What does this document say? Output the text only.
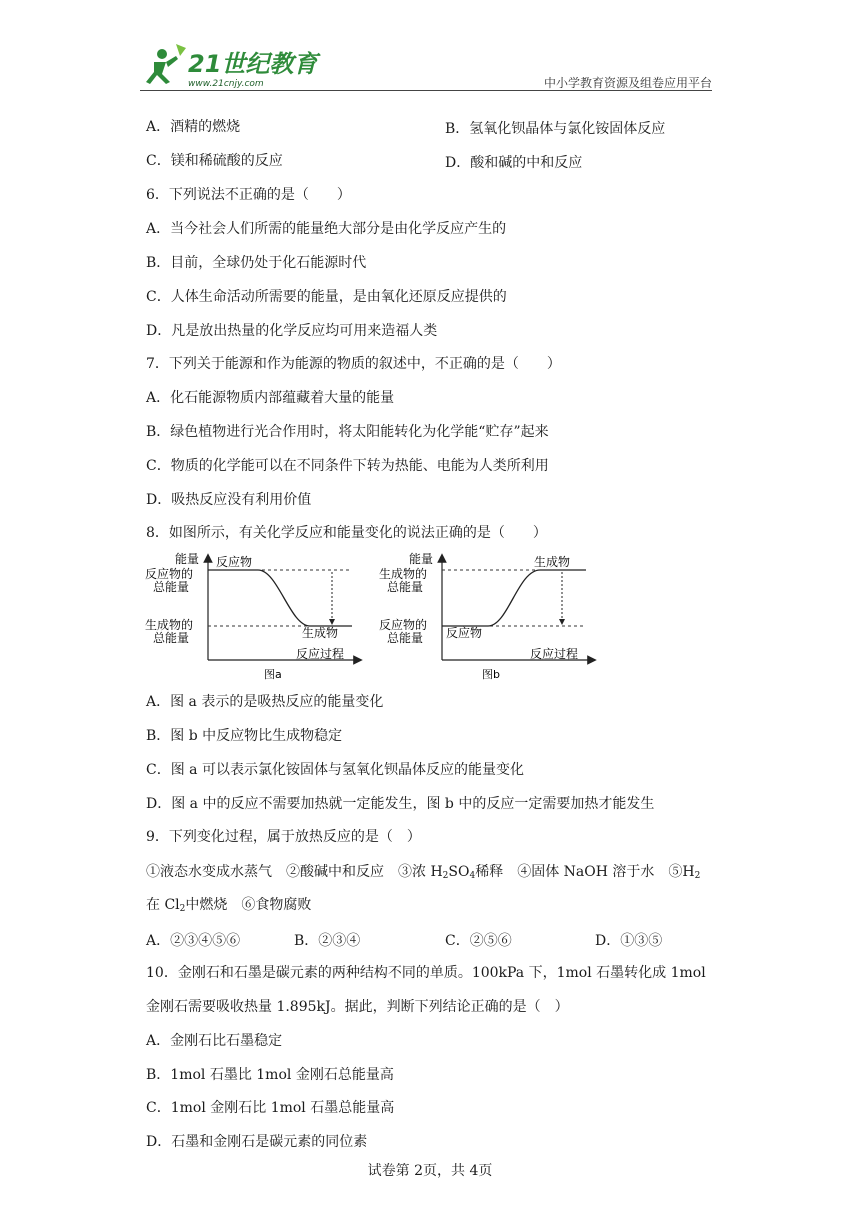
21世纪教育
www.21cnjy.com	中小学教育资源及组卷应用平台
A．酒精的燃烧	B．氢氧化钡晶体与氯化铵固体反应
C．镁和稀硫酸的反应	D．酸和碱的中和反应
6．下列说法不正确的是（　　）
A．当今社会人们所需的能量绝大部分是由化学反应产生的
B．目前，全球仍处于化石能源时代
C．人体生命活动所需要的能量，是由氧化还原反应提供的
D．凡是放出热量的化学反应均可用来造福人类
7．下列关于能源和作为能源的物质的叙述中，不正确的是（　　）
A．化石能源物质内部蕴藏着大量的能量
B．绿色植物进行光合作用时，将太阳能转化为化学能“贮存”起来
C．物质的化学能可以在不同条件下转为热能、电能为人类所利用
D．吸热反应没有利用价值
8．如图所示，有关化学反应和能量变化的说法正确的是（　　）
能量 反应物
反应物的
总能量
生成物的
总能量	生成物
反应过程
图a
能量	生成物
生成物的
总能量
反应物的
总能量 反应物
反应过程
图b
A．图 a 表示的是吸热反应的能量变化
B．图 b 中反应物比生成物稳定
C．图 a 可以表示氯化铵固体与氢氧化钡晶体反应的能量变化
D．图 a 中的反应不需要加热就一定能发生，图 b 中的反应一定需要加热才能发生
9．下列变化过程，属于放热反应的是（　）
①液态水变成水蒸气　②酸碱中和反应　③浓 $H_2SO_4$稀释　④固体 NaOH 溶于水　$⑤H_2$
在 $Cl_2$中燃烧　⑥食物腐败
A．②③④⑤⑥	B．②③④	C．②⑤⑥	D．①③⑤
10．金刚石和石墨是碳元素的两种结构不同的单质。100kPa 下，1mol 石墨转化成 1mol
金刚石需要吸收热量 1.895kJ。据此，判断下列结论正确的是（　）
A．金刚石比石墨稳定
B．1mol 石墨比 1mol 金刚石总能量高
C．1mol 金刚石比 1mol 石墨总能量高
D．石墨和金刚石是碳元素的同位素
试卷第 2页，共 4页
